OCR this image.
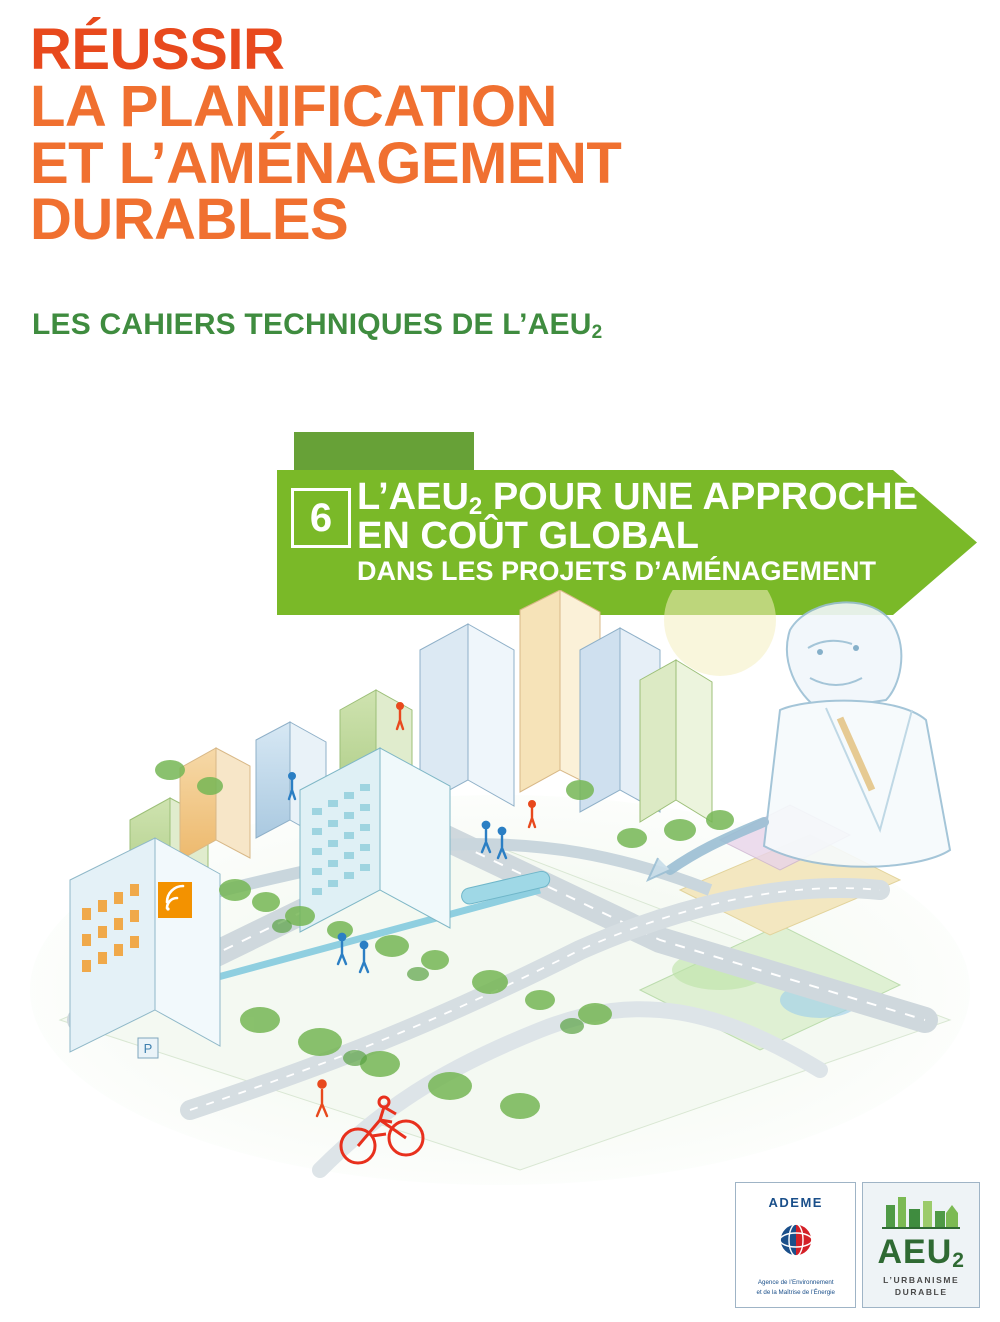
RÉUSSIR
LA PLANIFICATION
ET L’AMÉNAGEMENT
DURABLES
LES CAHIERS TECHNIQUES DE $L’AEU_2$
6 $L’AEU_2$ POUR UNE APPROCHE
EN COÛT GLOBAL
DANS LES PROJETS D’AMÉNAGEMENT
P
ADEME
Agence de l’Environnement
et de la Maîtrise de l’Énergie
$AEU_2$
L’URBANISME
DURABLE
